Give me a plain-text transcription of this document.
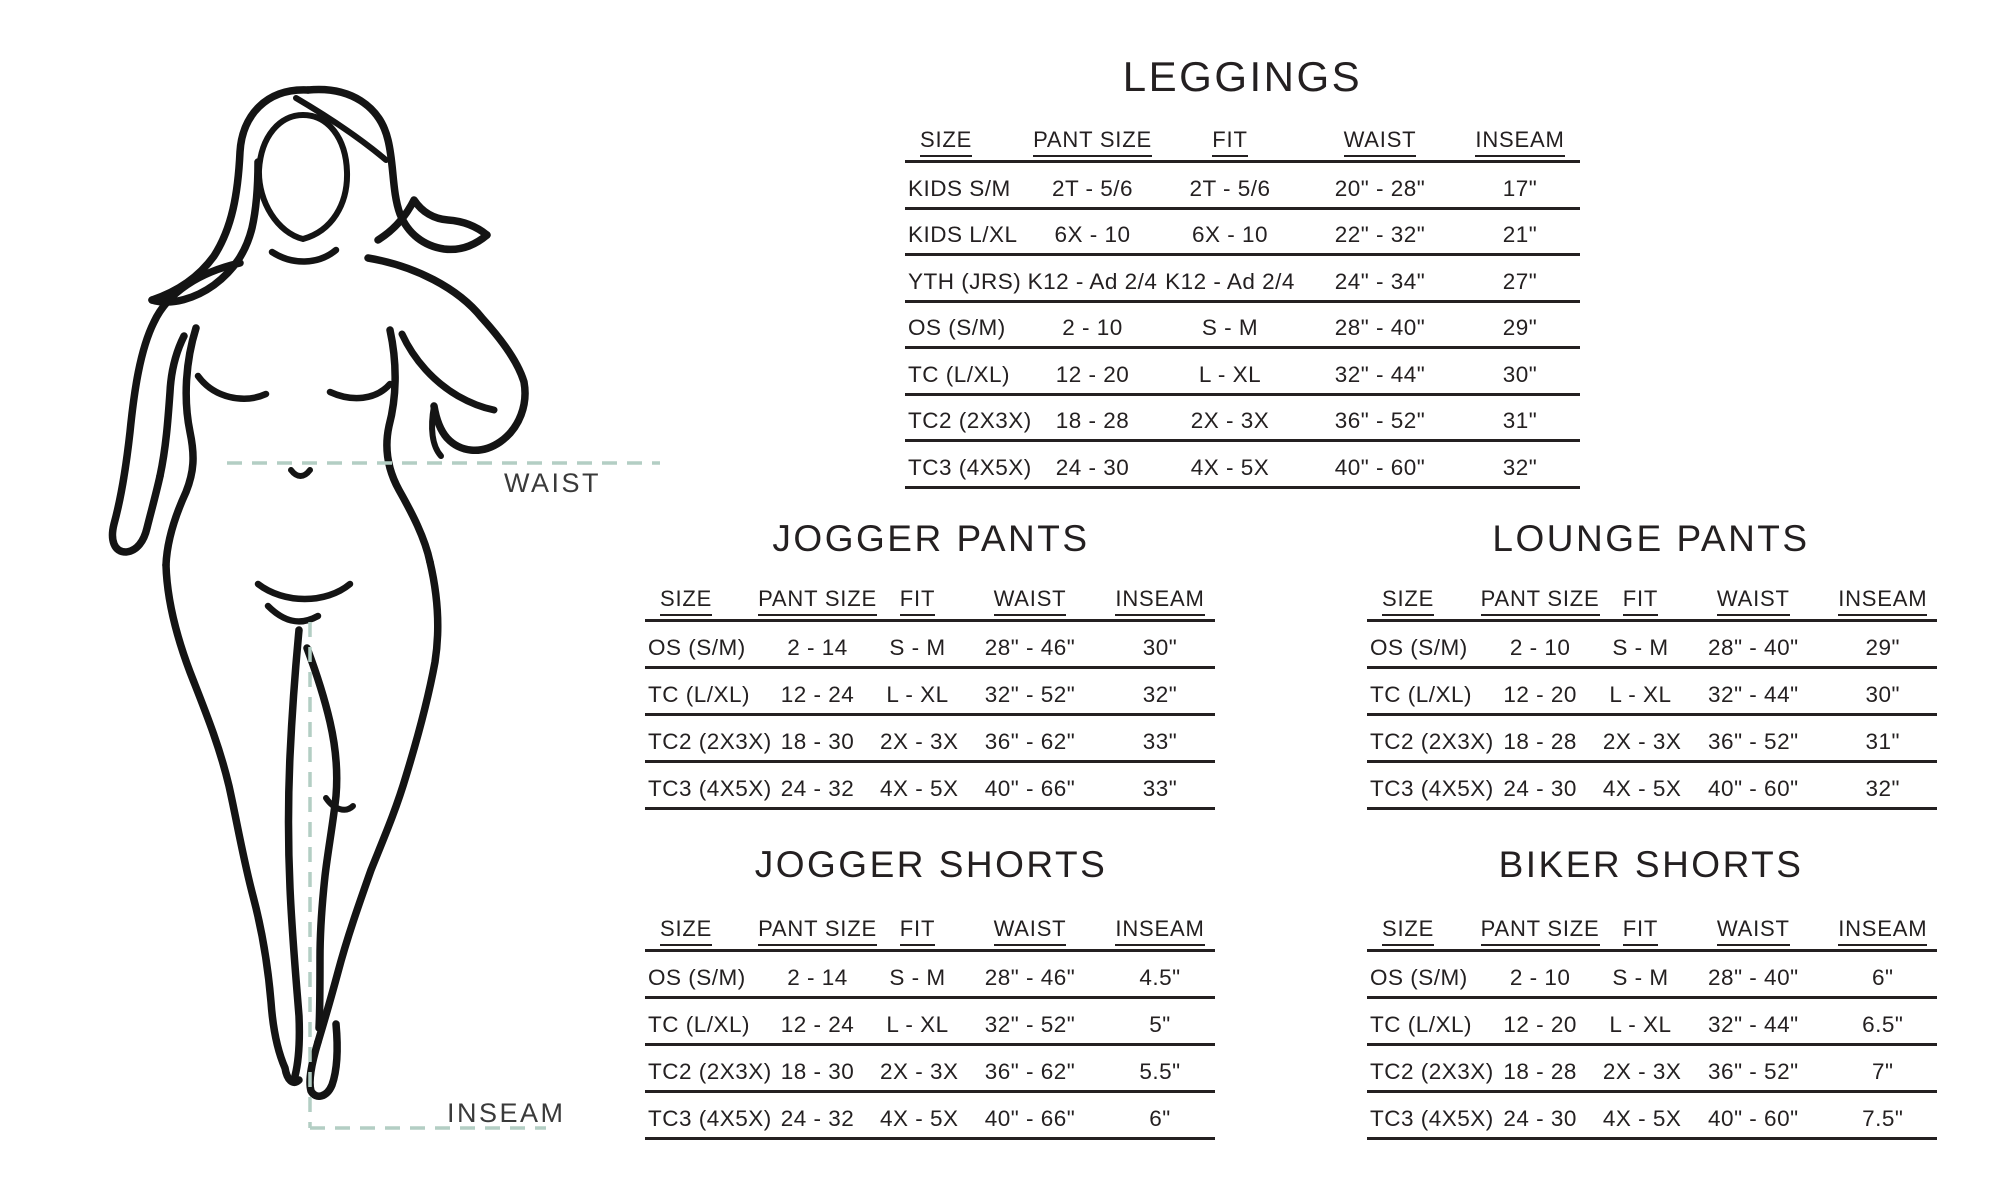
WAIST
INSEAM
LEGGINGS
SIZE	PANT SIZE	FIT	WAIST	INSEAM
KIDS S/M	2T - 5/6	2T - 5/6	20" - 28"	17"
KIDS L/XL	6X - 10	6X - 10	22" - 32"	21"
YTH (JRS)	K12 - Ad 2/4	K12 - Ad 2/4	24" - 34"	27"
OS (S/M)	2 - 10	S - M	28" - 40"	29"
TC (L/XL)	12 - 20	L - XL	32" - 44"	30"
TC2 (2X3X)	18 - 28	2X - 3X	36" - 52"	31"
TC3 (4X5X)	24 - 30	4X - 5X	40" - 60"	32"
JOGGER PANTS
SIZE	PANT SIZE	FIT	WAIST	INSEAM
OS (S/M)	2 - 14	S - M	28" - 46"	30"
TC (L/XL)	12 - 24	L - XL	32" - 52"	32"
TC2 (2X3X)	18 - 30	2X - 3X	36" - 62"	33"
TC3 (4X5X)	24 - 32	4X - 5X	40" - 66"	33"
LOUNGE PANTS
SIZE	PANT SIZE	FIT	WAIST	INSEAM
OS (S/M)	2 - 10	S - M	28" - 40"	29"
TC (L/XL)	12 - 20	L - XL	32" - 44"	30"
TC2 (2X3X)	18 - 28	2X - 3X	36" - 52"	31"
TC3 (4X5X)	24 - 30	4X - 5X	40" - 60"	32"
JOGGER SHORTS
SIZE	PANT SIZE	FIT	WAIST	INSEAM
OS (S/M)	2 - 14	S - M	28" - 46"	4.5"
TC (L/XL)	12 - 24	L - XL	32" - 52"	5"
TC2 (2X3X)	18 - 30	2X - 3X	36" - 62"	5.5"
TC3 (4X5X)	24 - 32	4X - 5X	40" - 66"	6"
BIKER SHORTS
SIZE	PANT SIZE	FIT	WAIST	INSEAM
OS (S/M)	2 - 10	S - M	28" - 40"	6"
TC (L/XL)	12 - 20	L - XL	32" - 44"	6.5"
TC2 (2X3X)	18 - 28	2X - 3X	36" - 52"	7"
TC3 (4X5X)	24 - 30	4X - 5X	40" - 60"	7.5"
